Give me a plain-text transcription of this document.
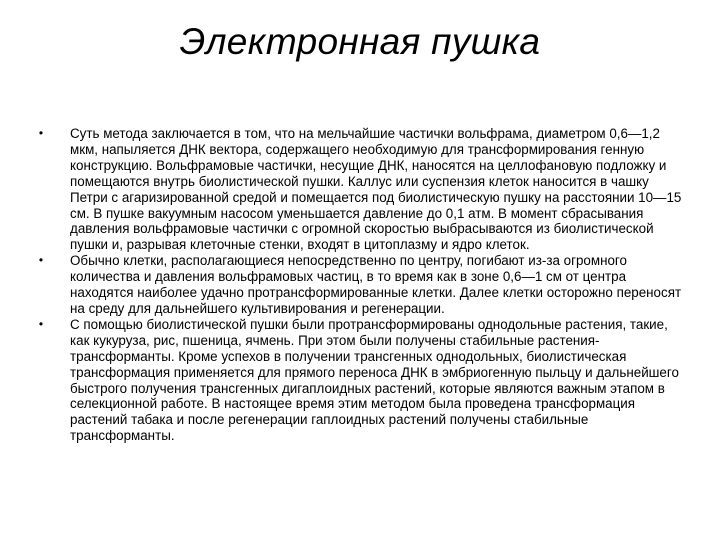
Электронная пушка
• Суть метода заключается в том, что на мельчайшие частички вольфрама, диаметром 0,6—1,2 мкм, напыляется ДНК вектора, содержащего необходимую для трансформирования генную конструкцию. Вольфрамовые частички, несущие ДНК, наносятся на целлофановую подложку и помещаются внутрь биолистической пушки. Каллус или суспензия клеток наносится в чашку Петри с агаризированной средой и помещается под биолистическую пушку на расстоянии 10—15 см. В пушке вакуумным насосом уменьшается давление до 0,1 атм. В момент сбрасывания давления вольфрамовые частички с огромной скоростью выбрасываются из биолистической пушки и, разрывая клеточные стенки, входят в цитоплазму и ядро клеток.
• Обычно клетки, располагающиеся непосредственно по центру, погибают из-за огромного количества и давления вольфрамовых частиц, в то время как в зоне 0,6—1 см от центра находятся наиболее удачно протрансформированные клетки. Далее клетки осторожно переносят на среду для дальнейшего культивирования и регенерации.
• С помощью биолистической пушки были протрансформированы однодольные растения, такие, как кукуруза, рис, пшеница, ячмень. При этом были получены стабильные растения-трансформанты. Кроме успехов в получении трансгенных однодольных, биолистическая трансформация применяется для прямого переноса ДНК в эмбриогенную пыльцу и дальнейшего быстрого получения трансгенных дигаплоидных растений, которые являются важным этапом в селекционной работе. В настоящее время этим методом была проведена трансформация растений табака и после регенерации гаплоидных растений получены стабильные трансформанты.
